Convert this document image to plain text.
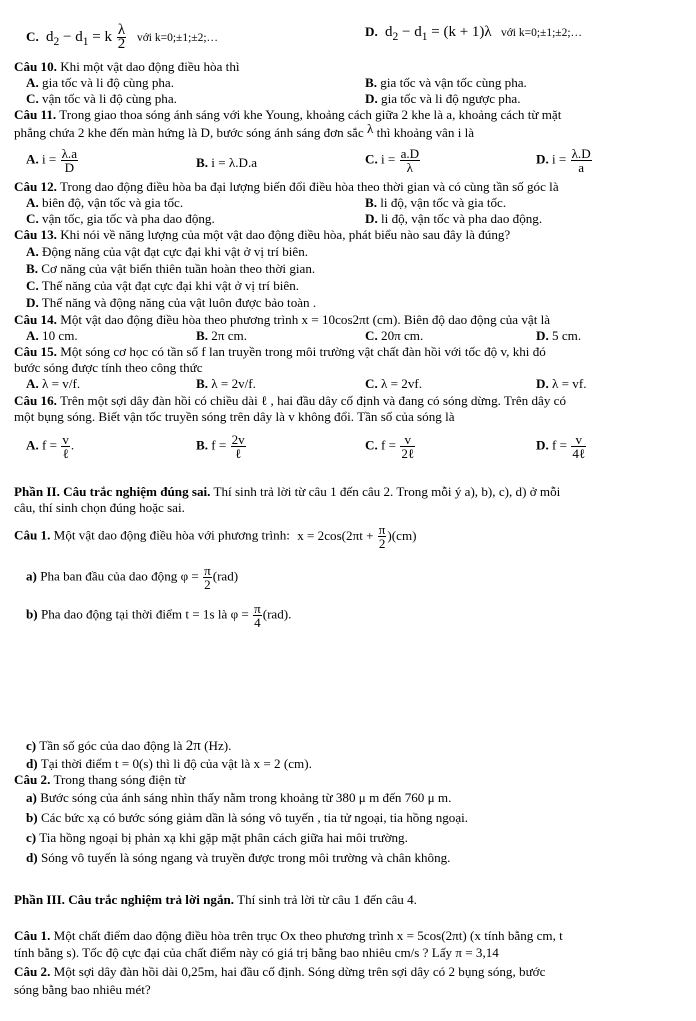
C. $d_2 - d_1 = k \frac{\lambda}{2}$ với k=0;±1;±2;…	D. $d_2 - d_1 = (k + 1)\lambda$ với k=0;±1;±2;…
Câu 10. Khi một vật dao động điều hòa thì
A. gia tốc và li độ cùng pha.	B. gia tốc và vận tốc cùng pha.
C. vận tốc và li độ cùng pha.	D. gia tốc và li độ ngược pha.
Câu 11. Trong giao thoa sóng ánh sáng với khe Young, khoảng cách giữa 2 khe là a, khoảng cách từ mặt
phẳng chứa 2 khe đến màn hứng là D, bước sóng ánh sáng đơn sắc λ thì khoảng vân i là
A. $i = \frac{\lambda.a}{D}$	B. i = λ.D.a	C. $i = \frac{a.D}{\lambda}$	D. $i = \frac{\lambda.D}{a}$
Câu 12. Trong dao động điều hòa ba đại lượng biến đổi điều hòa theo thời gian và có cùng tần số góc là
A. biên độ, vận tốc và gia tốc.	B. li độ, vận tốc và gia tốc.
C. vận tốc, gia tốc và pha dao động.	D. li độ, vận tốc và pha dao động.
Câu 13. Khi nói về năng lượng của một vật dao động điều hòa, phát biểu nào sau đây là đúng?
A. Động năng của vật đạt cực đại khi vật ở vị trí biên.
B. Cơ năng của vật biến thiên tuần hoàn theo thời gian.
C. Thế năng của vật đạt cực đại khi vật ở vị trí biên.
D. Thế năng và động năng của vật luôn được bảo toàn .
Câu 14. Một vật dao động điều hòa theo phương trình x = 10cos2πt (cm). Biên độ dao động của vật là
A. 10 cm.	B. 2π cm.	C. 20π cm.	D. 5 cm.
Câu 15. Một sóng cơ học có tần số f lan truyền trong môi trường vật chất đàn hồi với tốc độ v, khi đó
bước sóng được tính theo công thức
A. λ = v/f.	B. λ = 2v/f.	C. λ = 2vf.	D. λ = vf.
Câu 16. Trên một sợi dây đàn hồi có chiều dài ℓ , hai đầu dây cố định và đang có sóng dừng. Trên dây có
một bụng sóng. Biết vận tốc truyền sóng trên dây là v không đổi. Tần số của sóng là
A. $f = \frac{v}{\text{ℓ}}$ .	B. $f = \frac{2v}{\text{ℓ}}$	C. $f = \frac{v}{\text{2ℓ}}$	D. $f = \frac{v}{\text{4ℓ}}$
Phần II. Câu trắc nghiệm đúng sai. Thí sinh trả lời từ câu 1 đến câu 2. Trong mỗi ý a), b), c), d) ở mỗi
câu, thí sinh chọn đúng hoặc sai.
Câu 1. Một vật dao động điều hòa với phương trình: $x = 2\cos(2\pi t + \frac{\pi}{2} )(cm)$
a) Pha ban đầu của dao động $\varphi = \frac{\pi}{2} (rad)$
b) Pha dao động tại thời điểm t = 1s là $\varphi = \frac{\pi}{4} (rad)$.
c) Tần số góc của dao động là 2π (Hz).
d) Tại thời điểm t = 0(s) thì li độ của vật là x = 2 (cm).
Câu 2. Trong thang sóng điện từ
a) Bước sóng của ánh sáng nhìn thấy nằm trong khoảng từ 380 μ m đến 760 μ m.
b) Các bức xạ có bước sóng giảm dần là sóng vô tuyến , tia tử ngoại, tia hồng ngoại.
c) Tia hồng ngoại bị phản xạ khi gặp mặt phân cách giữa hai môi trường.
d) Sóng vô tuyến là sóng ngang và truyền được trong môi trường và chân không.
Phần III. Câu trắc nghiệm trả lời ngắn. Thí sinh trả lời từ câu 1 đến câu 4.
Câu 1. Một chất điểm dao động điều hòa trên trục Ox theo phương trình x = 5cos(2πt) (x tính bằng cm, t
tính bằng s). Tốc độ cực đại của chất điểm này có giá trị bằng bao nhiêu cm/s ? Lấy π = 3,14
Câu 2. Một sợi dây đàn hồi dài 0,25m, hai đầu cố định. Sóng dừng trên sợi dây có 2 bụng sóng, bước
sóng bằng bao nhiêu mét?
